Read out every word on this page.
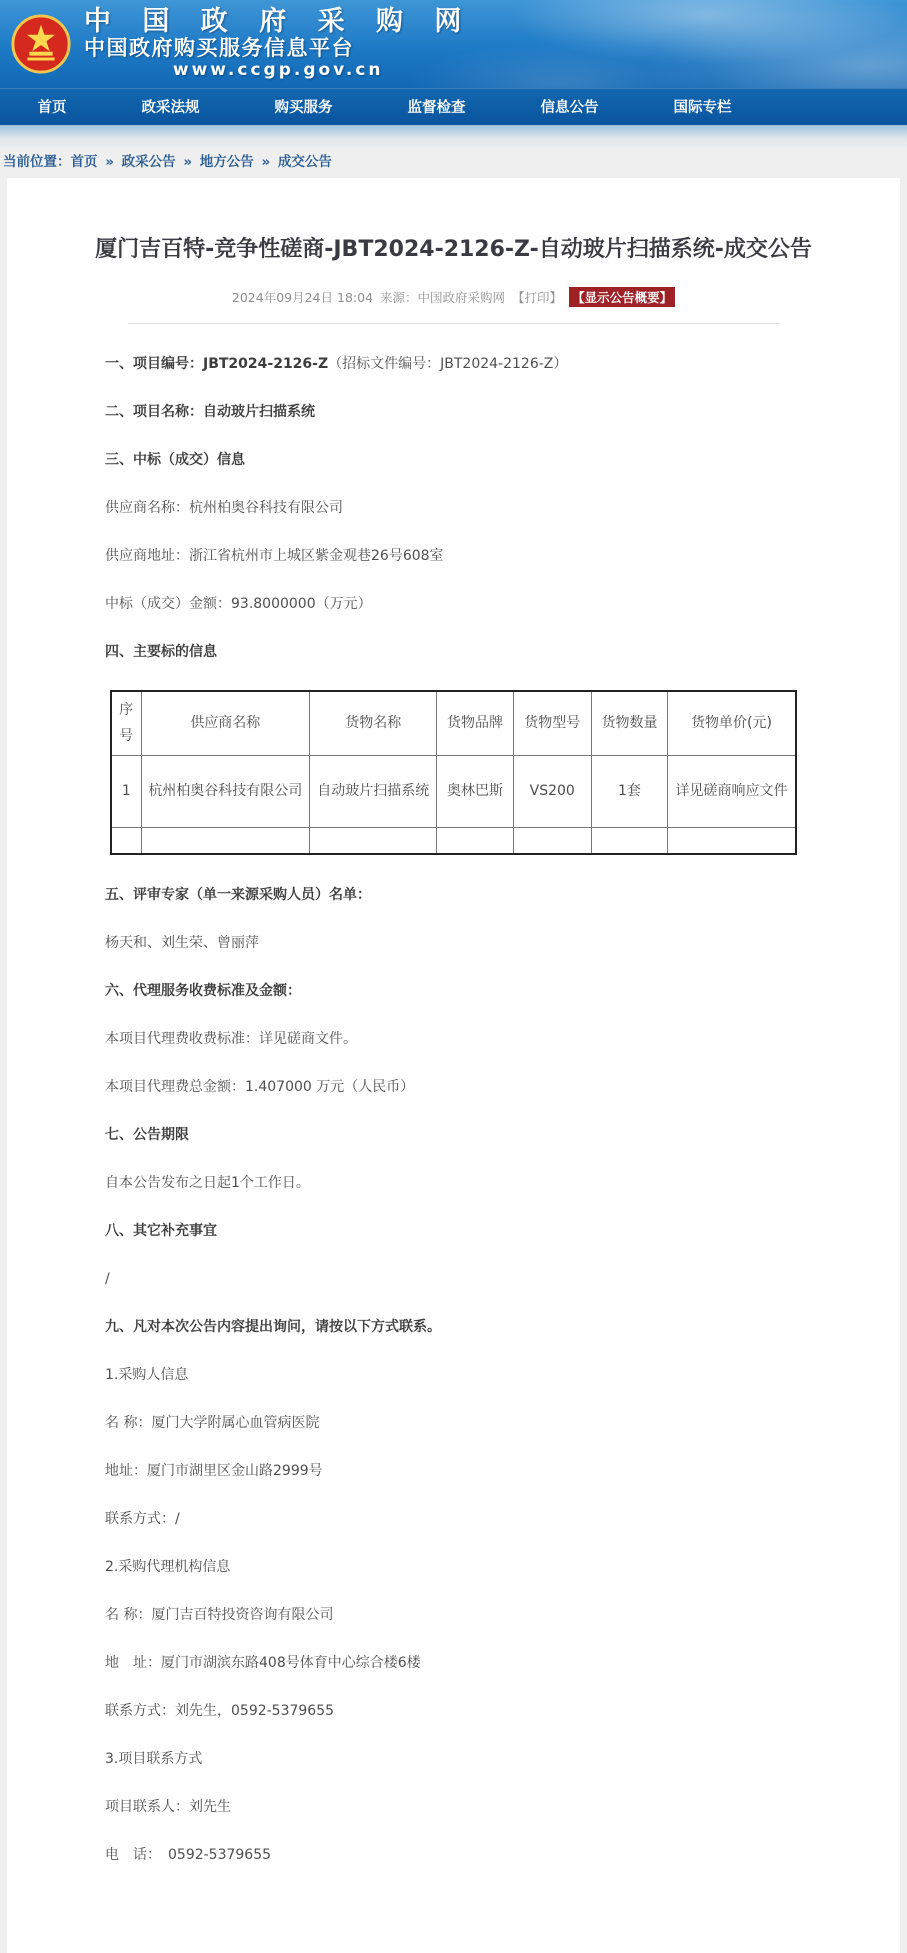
中 国 政 府 采 购 网
中国政府购买服务信息平台
www.ccgp.gov.cn
首页	政采法规	购买服务	监督检查	信息公告	国际专栏
当前位置：首页 » 政采公告 » 地方公告 » 成交公告
厦门吉百特-竞争性磋商-JBT2024-2126-Z-自动玻片扫描系统-成交公告
2024年09月24日 18:04 来源：中国政府采购网 【打印】 【显示公告概要】

一、项目编号：JBT2024-2126-Z（招标文件编号：JBT2024-2126-Z）

二、项目名称：自动玻片扫描系统

三、中标（成交）信息

供应商名称：杭州柏奥谷科技有限公司

供应商地址：浙江省杭州市上城区紫金观巷26号608室

中标（成交）金额：93.8000000（万元）

四、主要标的信息

序号	供应商名称	货物名称	货物品牌	货物型号	货物数量	货物单价(元)
1	杭州柏奥谷科技有限公司	自动玻片扫描系统	奥林巴斯	VS200	1套	详见磋商响应文件

五、评审专家（单一来源采购人员）名单：

杨天和、刘生荣、曾丽萍

六、代理服务收费标准及金额：

本项目代理费收费标准：详见磋商文件。

本项目代理费总金额：1.407000 万元（人民币）

七、公告期限

自本公告发布之日起1个工作日。

八、其它补充事宜

/

九、凡对本次公告内容提出询问，请按以下方式联系。

1.采购人信息

名 称：厦门大学附属心血管病医院

地址：厦门市湖里区金山路2999号

联系方式：/

2.采购代理机构信息

名 称：厦门吉百特投资咨询有限公司

地　址：厦门市湖滨东路408号体育中心综合楼6楼

联系方式：刘先生，0592-5379655

3.项目联系方式

项目联系人：刘先生

电　话：　0592-5379655
